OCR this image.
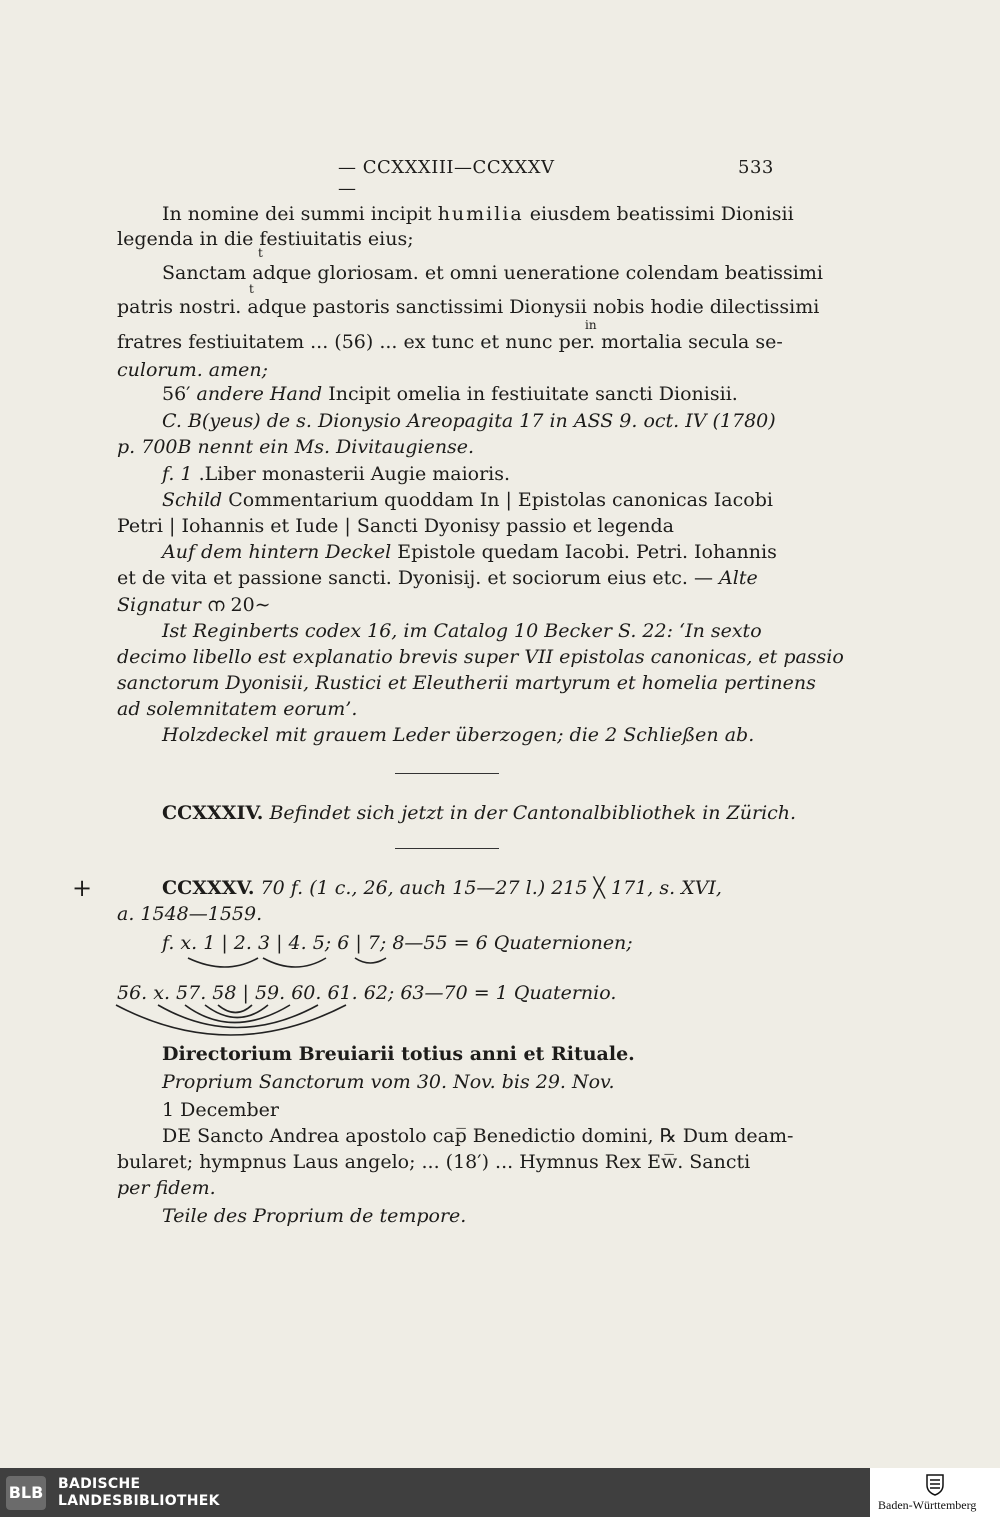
— CCXXXIII—CCXXXV —
533
In nomine dei summi incipit humilia eiusdem beatissimi Dionisii
legenda in die festiuitatis eius;
Sanctam adque gloriosam. et omni ueneratione colendam beatissimi
patris nostri. adque pastoris sanctissimi Dionysii nobis hodie dilectissimi
fratres festiuitatem ... (56) ... ex tunc et nunc per. mortalia secula se-
culorum. amen;
56′ andere Hand Incipit omelia in festiuitate sancti Dionisii.
C. B(yeus) de s. Dionysio Areopagita 17 in ASS 9. oct. IV (1780)
p. 700B nennt ein Ms. Divitaugiense.
f. 1 .Liber monasterii Augie maioris.
Schild Commentarium quoddam In | Epistolas canonicas Iacobi
Petri | Iohannis et Iude | Sancti Dyonisy passio et legenda
Auf dem hintern Deckel Epistole quedam Iacobi. Petri. Iohannis
et de vita et passione sancti. Dyonisij. et sociorum eius etc. — Alte
Signatur ന 20∼
Ist Reginberts codex 16, im Catalog 10 Becker S. 22: ‘In sexto
decimo libello est explanatio brevis super VII epistolas canonicas, et passio
sanctorum Dyonisii, Rustici et Eleutherii martyrum et homelia pertinens
ad solemnitatem eorum’.
Holzdeckel mit grauem Leder überzogen; die 2 Schließen ab.
CCXXXIV. Befindet sich jetzt in der Cantonalbibliothek in Zürich.
CCXXXV. 70 f. (1 c., 26, auch 15—27 l.) 215 ╳ 171, s. XVI,
a. 1548—1559.
f. x. 1 | 2. 3 | 4. 5; 6 | 7; 8—55 = 6 Quaternionen;
56. x. 57. 58 | 59. 60. 61. 62; 63—70 = 1 Quaternio.
Directorium Breuiarii totius anni et Rituale.
Proprium Sanctorum vom 30. Nov. bis 29. Nov.
1 December
DE Sancto Andrea apostolo cap̅ Benedictio domini, ℞ Dum deam-
bularet; hympnus Laus angelo; ... (18′) ... Hymnus Rex Ew̅. Sancti
per fidem.
Teile des Proprium de tempore.
t
t
in
+
BLB BADISCHE
LANDESBIBLIOTHEK	Baden-Württemberg
